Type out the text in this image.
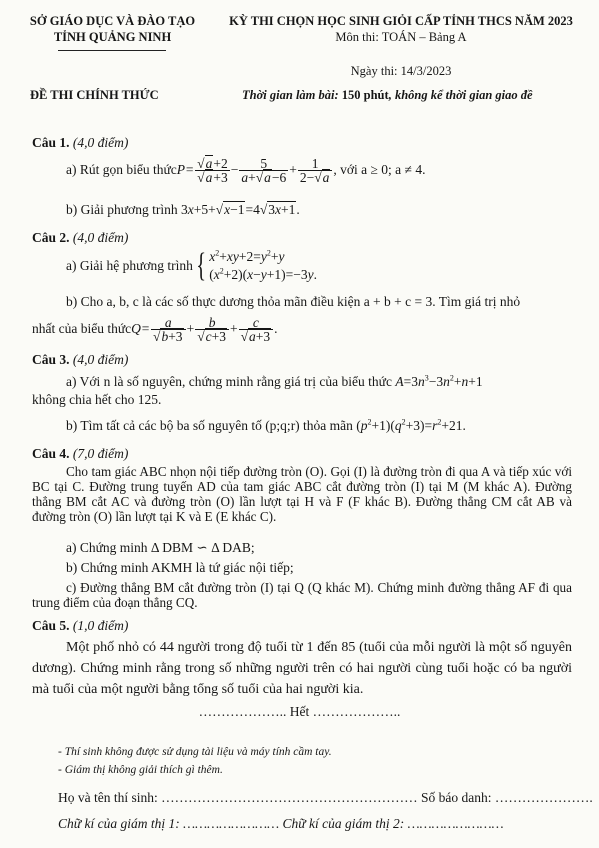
SỞ GIÁO DỤC VÀ ĐÀO TẠO
TỈNH QUẢNG NINH
KỲ THI CHỌN HỌC SINH GIỎI CẤP TỈNH THCS NĂM 2023
Môn thi: TOÁN – Bảng A
Ngày thi: 14/3/2023
ĐỀ THI CHÍNH THỨC	Thời gian làm bài: 150 phút, không kể thời gian giao đề
Câu 1. (4,0 điểm)
a) Rút gọn biểu thức $P= \frac{√a+2}{√a+3} - \frac{5}{a+√a-6} + \frac{1}{2-√a}$ , với a ≥ 0; a ≠ 4.
b) Giải phương trình 3x+5+√x−1=4√3x+1.
Câu 2. (4,0 điểm)
a) Giải hệ phương trình { $x^2+xy+2=y^2+y$
$(x^2+2)(x-y+1)=-3y$.
b) Cho a, b, c là các số thực dương thỏa mãn điều kiện a + b + c = 3. Tìm giá trị nhỏ
nhất của biểu thức $Q= \frac{a}{√b+3} + \frac{b}{√c+3} + \frac{c}{√a+3}$ .
Câu 3. (4,0 điểm)
a) Với n là số nguyên, chứng minh rằng giá trị của biểu thức $A=3n^3-3n^2+n+1$
không chia hết cho 125.
b) Tìm tất cả các bộ ba số nguyên tố (p;q;r) thỏa mãn $(p^2+1)(q^2+3)=r^2+21$.
Câu 4. (7,0 điểm)
Cho tam giác ABC nhọn nội tiếp đường tròn (O). Gọi (I) là đường tròn đi qua A và tiếp xúc với BC tại C. Đường trung tuyến AD của tam giác ABC cắt đường tròn (I) tại M (M khác A). Đường thẳng BM cắt AC và đường tròn (O) lần lượt tại H và F (F khác B). Đường thẳng CM cắt AB và đường tròn (O) lần lượt tại K và E (E khác C).
a) Chứng minh Δ DBM ∽ Δ DAB;
b) Chứng minh AKMH là tứ giác nội tiếp;
c) Đường thẳng BM cắt đường tròn (I) tại Q (Q khác M). Chứng minh đường thẳng AF đi qua trung điểm của đoạn thẳng CQ.
Câu 5. (1,0 điểm)
Một phố nhỏ có 44 người trong độ tuổi từ 1 đến 85 (tuổi của mỗi người là một số nguyên dương). Chứng minh rằng trong số những người trên có hai người cùng tuổi hoặc có ba người mà tuổi của một người bằng tổng số tuổi của hai người kia.
……………….. Hết ………………..
- Thí sinh không được sử dụng tài liệu và máy tính cầm tay.
- Giám thị không giải thích gì thêm.
Họ và tên thí sinh: ………………………………………………… Số báo danh: ………………….
Chữ kí của giám thị 1: …………………… Chữ kí của giám thị 2: ……………………
